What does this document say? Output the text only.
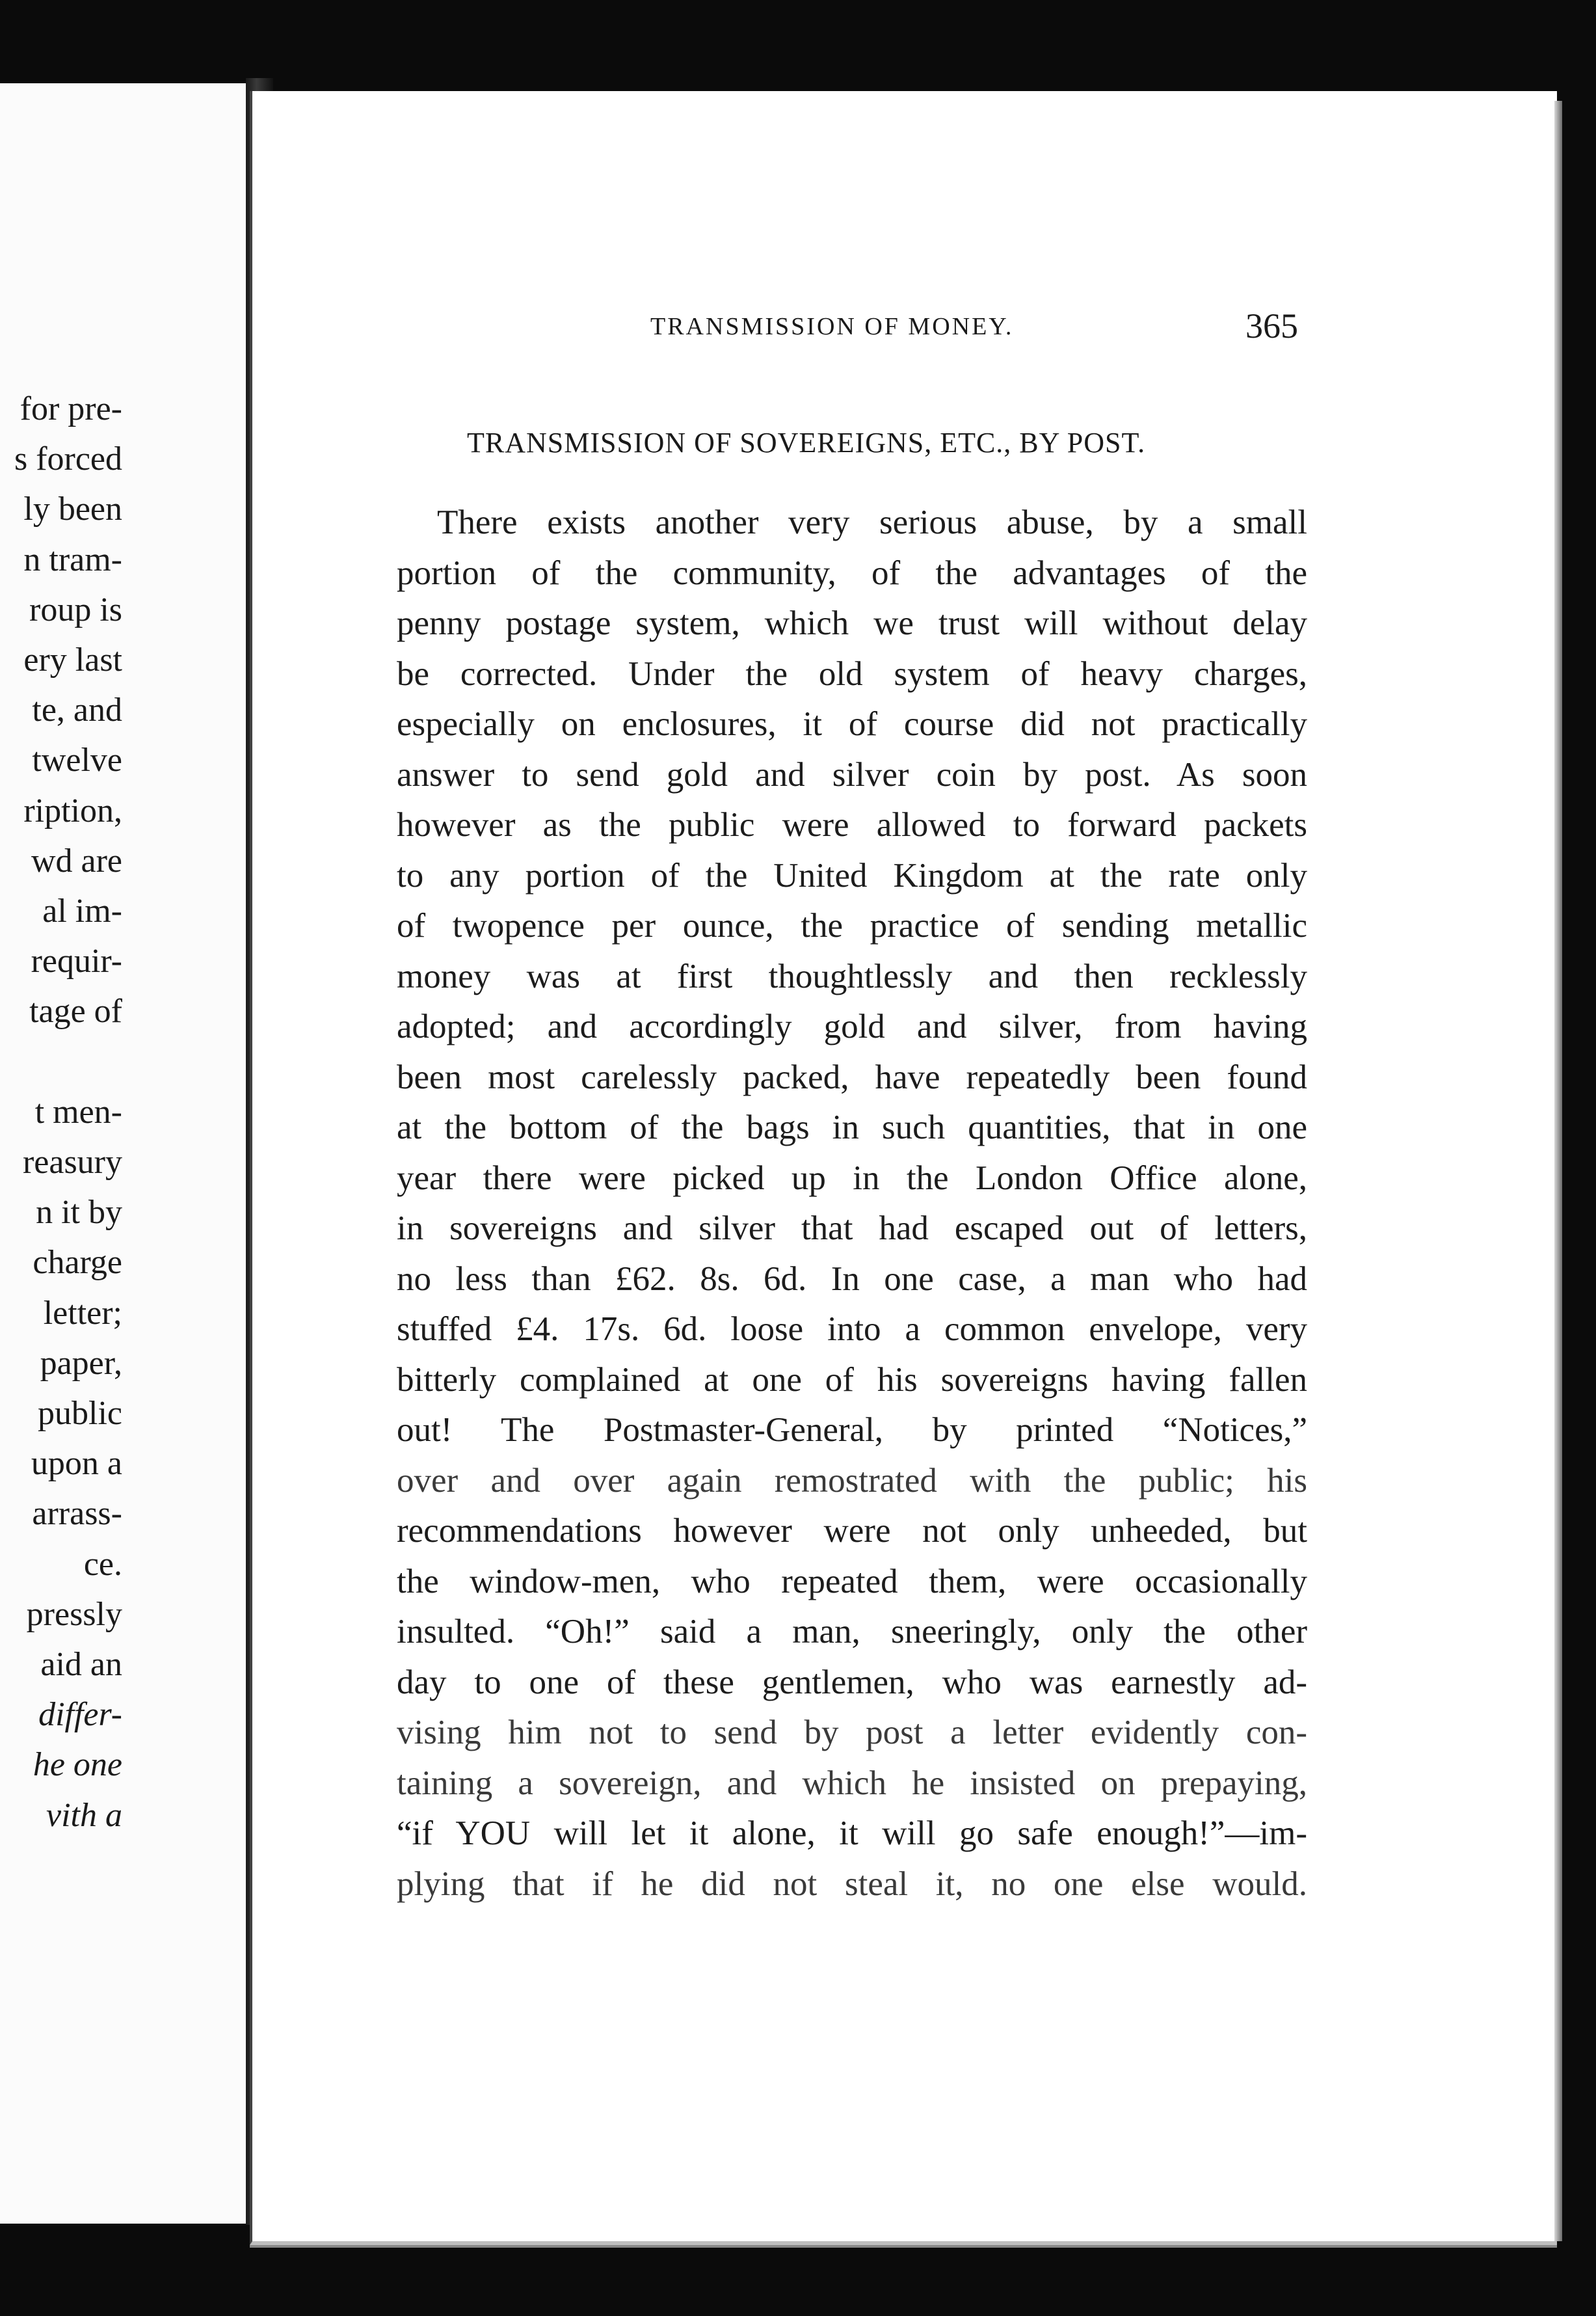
for pre-
s forced
ly been
n tram-
roup is
ery last
te, and
twelve
ription,
wd are
al im-
requir-
tage of
t men-
reasury
n it by
charge
letter;
paper,
public
upon a
arrass-
ce.
pressly
aid an
differ-
he one
vith a
TRANSMISSION OF MONEY.	365
TRANSMISSION OF SOVEREIGNS, ETC., BY POST.
There exists another very serious abuse, by a small
portion of the community, of the advantages of the
penny postage system, which we trust will without delay
be corrected. Under the old system of heavy charges,
especially on enclosures, it of course did not practically
answer to send gold and silver coin by post. As soon
however as the public were allowed to forward packets
to any portion of the United Kingdom at the rate only
of twopence per ounce, the practice of sending metallic
money was at first thoughtlessly and then recklessly
adopted; and accordingly gold and silver, from having
been most carelessly packed, have repeatedly been found
at the bottom of the bags in such quantities, that in one
year there were picked up in the London Office alone,
in sovereigns and silver that had escaped out of letters,
no less than £62. 8s. 6d. In one case, a man who had
stuffed £4. 17s. 6d. loose into a common envelope, very
bitterly complained at one of his sovereigns having fallen
out! The Postmaster-General, by printed “Notices,”
over and over again remostrated with the public; his
recommendations however were not only unheeded, but
the window-men, who repeated them, were occasionally
insulted. “Oh!” said a man, sneeringly, only the other
day to one of these gentlemen, who was earnestly ad-
vising him not to send by post a letter evidently con-
taining a sovereign, and which he insisted on prepaying,
“if YOU will let it alone, it will go safe enough!”—im-
plying that if he did not steal it, no one else would.
